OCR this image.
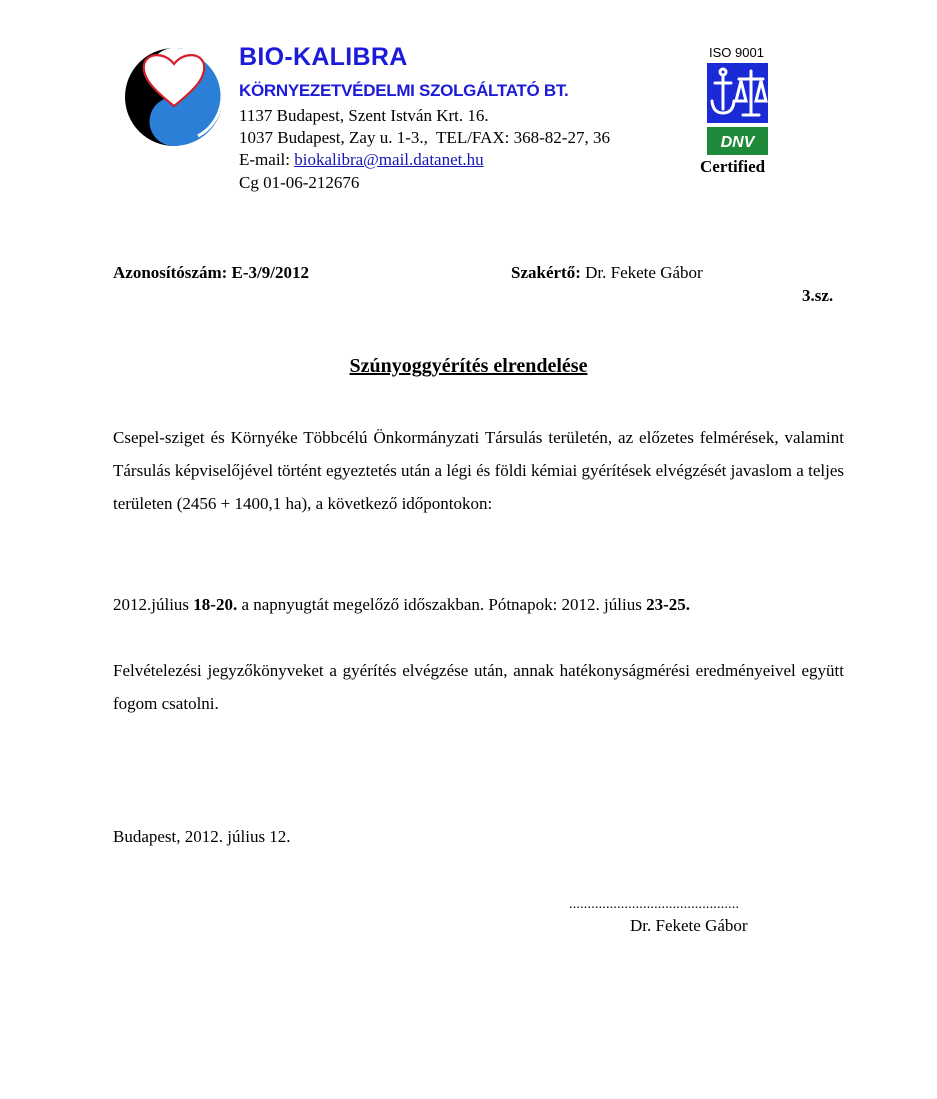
BIO-KALIBRA
KÖRNYEZETVÉDELMI SZOLGÁLTATÓ BT.
1137 Budapest, Szent István Krt. 16.
1037 Budapest, Zay u. 1-3.,  TEL/FAX: 368-82-27, 36
E-mail: biokalibra@mail.datanet.hu
Cg 01-06-212676
ISO 9001
DNV
Certified
Azonosítószám: E-3/9/2012	Szakértő: Dr. Fekete Gábor
3.sz.
Szúnyoggyérítés elrendelése
Csepel-sziget és Környéke Többcélú Önkormányzati Társulás területén, az előzetes felmérések, valamint Társulás képviselőjével történt egyeztetés után a légi és földi kémiai gyérítések elvégzését javaslom a teljes területen (2456 + 1400,1 ha), a következő időpontokon:
2012.július 18-20. a napnyugtát megelőző időszakban. Pótnapok: 2012. július 23-25.
Felvételezési jegyzőkönyveket a gyérítés elvégzése után, annak hatékonyságmérési eredményeivel együtt fogom csatolni.
Budapest, 2012. július 12.
..............................................
Dr. Fekete Gábor
